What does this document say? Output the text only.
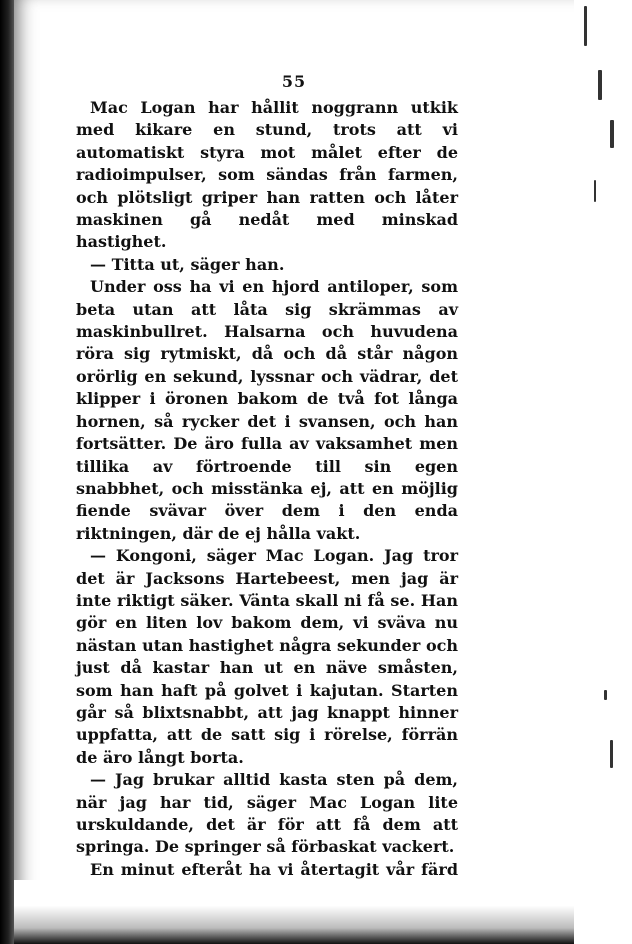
55

Mac Logan har hållit noggrann utkik med kikare en stund, trots att vi automatiskt styra mot målet efter de radioimpulser, som sändas från farmen, och plötsligt griper han ratten och låter maskinen gå nedåt med minskad hastighet.

— Titta ut, säger han.

Under oss ha vi en hjord antiloper, som beta utan att låta sig skrämmas av maskinbullret. Halsarna och huvudena röra sig rytmiskt, då och då står någon orörlig en sekund, lyssnar och vädrar, det klipper i öronen bakom de två fot långa hornen, så rycker det i svansen, och han fortsätter. De äro fulla av vaksamhet men tillika av förtroende till sin egen snabbhet, och misstänka ej, att en möjlig fiende svävar över dem i den enda riktningen, där de ej hålla vakt.

— Kongoni, säger Mac Logan. Jag tror det är Jacksons Hartebeest, men jag är inte riktigt säker. Vänta skall ni få se. Han gör en liten lov bakom dem, vi sväva nu nästan utan hastighet några sekunder och just då kastar han ut en näve småsten, som han haft på golvet i kajutan. Starten går så blixtsnabbt, att jag knappt hinner uppfatta, att de satt sig i rörelse, förrän de äro långt borta.

— Jag brukar alltid kasta sten på dem, när jag har tid, säger Mac Logan lite urskuldande, det är för att få dem att springa. De springer så förbaskat vackert.

En minut efteråt ha vi återtagit vår färd
